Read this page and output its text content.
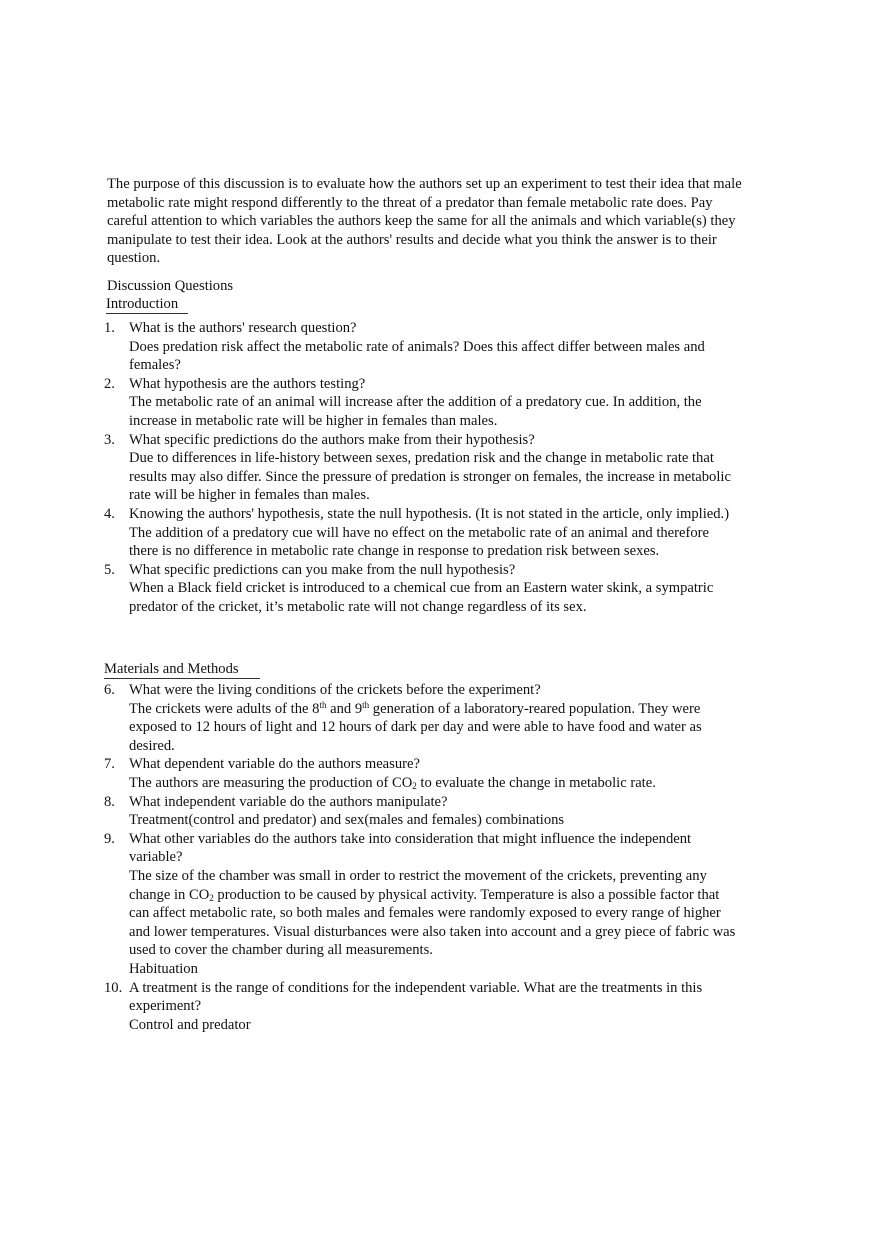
The purpose of this discussion is to evaluate how the authors set up an experiment to test their idea that male metabolic rate might respond differently to the threat of a predator than female metabolic rate does. Pay careful attention to which variables the authors keep the same for all the animals and which variable(s) they manipulate to test their idea. Look at the authors' results and decide what you think the answer is to their question.

Discussion Questions

Introduction

1. What is the authors' research question?
Does predation risk affect the metabolic rate of animals? Does this affect differ between males and females?
2. What hypothesis are the authors testing?
The metabolic rate of an animal will increase after the addition of a predatory cue. In addition, the increase in metabolic rate will be higher in females than males.
3. What specific predictions do the authors make from their hypothesis?
Due to differences in life-history between sexes, predation risk and the change in metabolic rate that results may also differ. Since the pressure of predation is stronger on females, the increase in metabolic rate will be higher in females than males.
4. Knowing the authors' hypothesis, state the null hypothesis. (It is not stated in the article, only implied.)
The addition of a predatory cue will have no effect on the metabolic rate of an animal and therefore there is no difference in metabolic rate change in response to predation risk between sexes.
5. What specific predictions can you make from the null hypothesis?
When a Black field cricket is introduced to a chemical cue from an Eastern water skink, a sympatric predator of the cricket, it’s metabolic rate will not change regardless of its sex.

Materials and Methods

6. What were the living conditions of the crickets before the experiment?
The crickets were adults of the 8th and 9th generation of a laboratory-reared population. They were exposed to 12 hours of light and 12 hours of dark per day and were able to have food and water as desired.
7. What dependent variable do the authors measure?
The authors are measuring the production of $CO_2$ to evaluate the change in metabolic rate.
8. What independent variable do the authors manipulate?
Treatment(control and predator) and sex(males and females) combinations
9. What other variables do the authors take into consideration that might influence the independent variable?
The size of the chamber was small in order to restrict the movement of the crickets, preventing any change in $CO_2$ production to be caused by physical activity. Temperature is also a possible factor that can affect metabolic rate, so both males and females were randomly exposed to every range of higher and lower temperatures. Visual disturbances were also taken into account and a grey piece of fabric was used to cover the chamber during all measurements.
Habituation
10. A treatment is the range of conditions for the independent variable. What are the treatments in this experiment?
Control and predator
